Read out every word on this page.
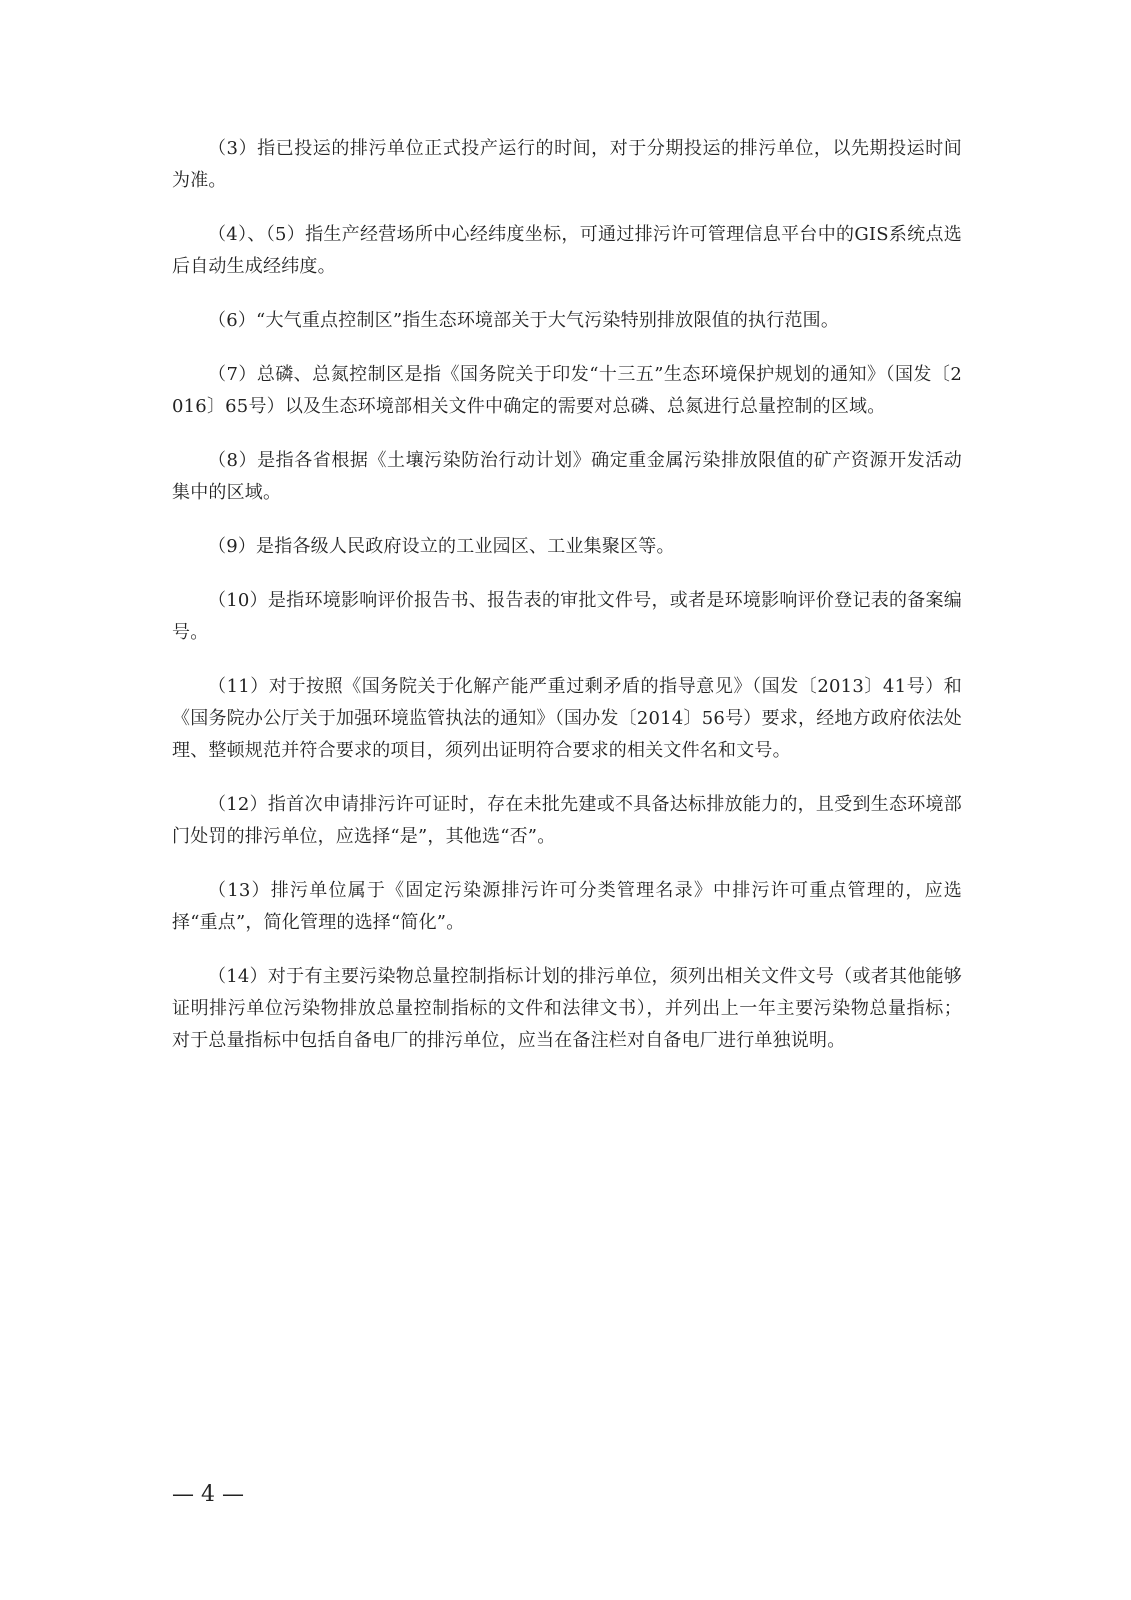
（3）指已投运的排污单位正式投产运行的时间，对于分期投运的排污单位，以先期投运时间为准。

（4）、（5）指生产经营场所中心经纬度坐标，可通过排污许可管理信息平台中的GIS系统点选后自动生成经纬度。

（6）“大气重点控制区”指生态环境部关于大气污染特别排放限值的执行范围。

（7）总磷、总氮控制区是指《国务院关于印发“十三五”生态环境保护规划的通知》（国发〔2016〕65号）以及生态环境部相关文件中确定的需要对总磷、总氮进行总量控制的区域。

（8）是指各省根据《土壤污染防治行动计划》确定重金属污染排放限值的矿产资源开发活动集中的区域。

（9）是指各级人民政府设立的工业园区、工业集聚区等。

（10）是指环境影响评价报告书、报告表的审批文件号，或者是环境影响评价登记表的备案编号。

（11）对于按照《国务院关于化解产能严重过剩矛盾的指导意见》（国发〔2013〕41号）和《国务院办公厅关于加强环境监管执法的通知》（国办发〔2014〕56号）要求，经地方政府依法处理、整顿规范并符合要求的项目，须列出证明符合要求的相关文件名和文号。

（12）指首次申请排污许可证时，存在未批先建或不具备达标排放能力的，且受到生态环境部门处罚的排污单位，应选择“是”，其他选“否”。

（13）排污单位属于《固定污染源排污许可分类管理名录》中排污许可重点管理的，应选择“重点”，简化管理的选择“简化”。

（14）对于有主要污染物总量控制指标计划的排污单位，须列出相关文件文号（或者其他能够证明排污单位污染物排放总量控制指标的文件和法律文书），并列出上一年主要污染物总量指标；对于总量指标中包括自备电厂的排污单位，应当在备注栏对自备电厂进行单独说明。

— 4 —
